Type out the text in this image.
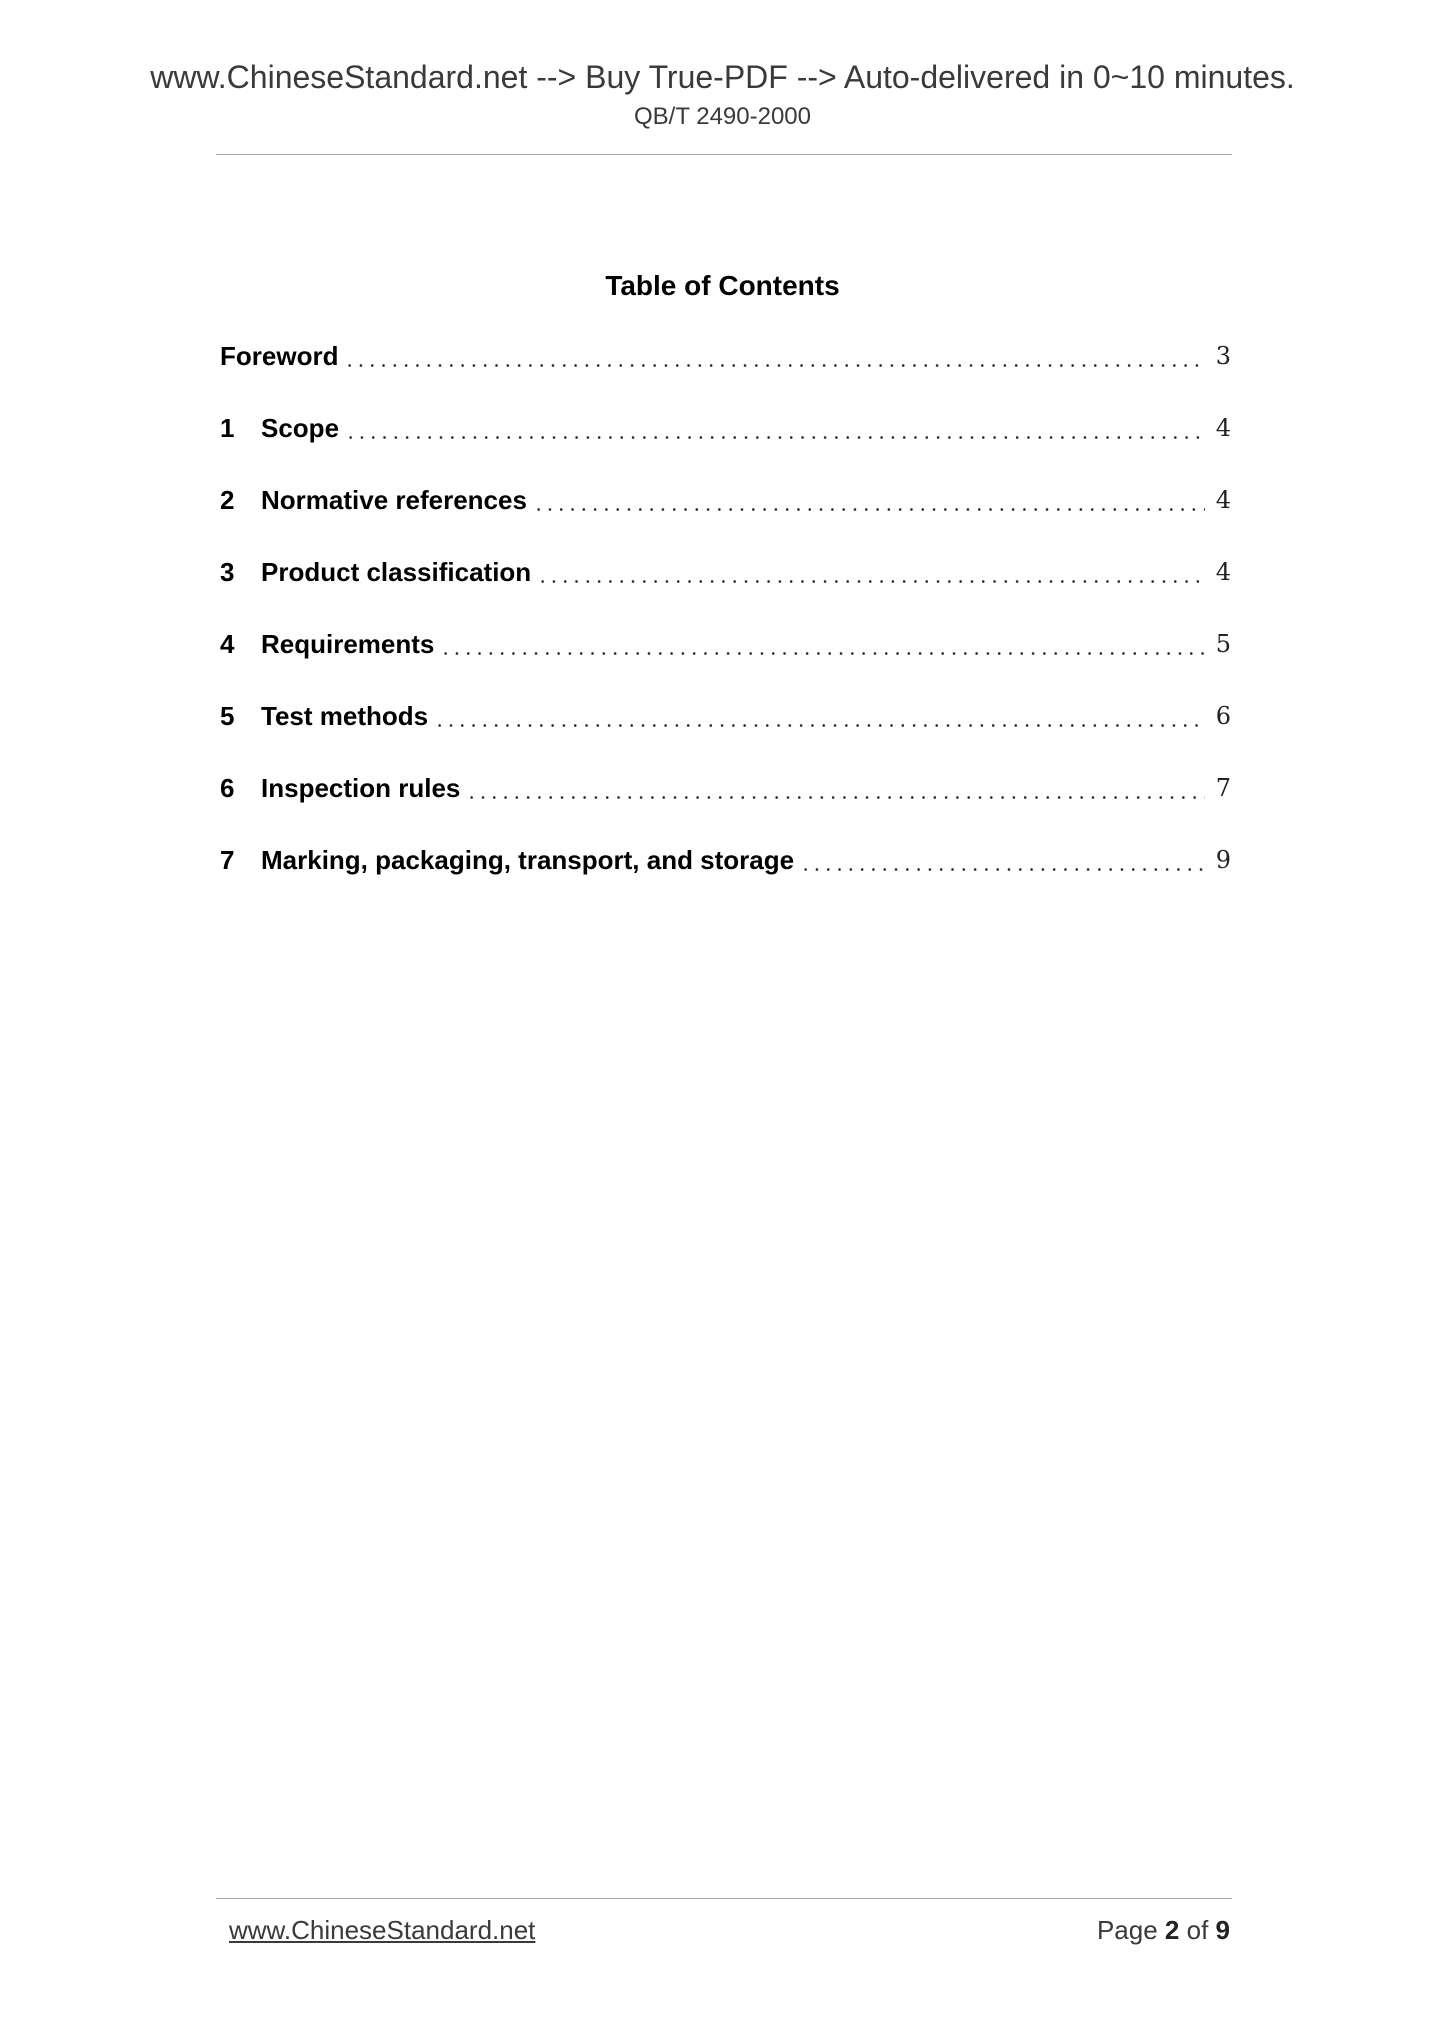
www.ChineseStandard.net --> Buy True-PDF --> Auto-delivered in 0~10 minutes.
QB/T 2490-2000
Table of Contents
Foreword	3
1	Scope	4
2	Normative references	4
3	Product classification	4
4	Requirements	5
5	Test methods	6
6	Inspection rules	7
7	Marking, packaging, transport, and storage	9
www.ChineseStandard.net	Page 2 of 9
